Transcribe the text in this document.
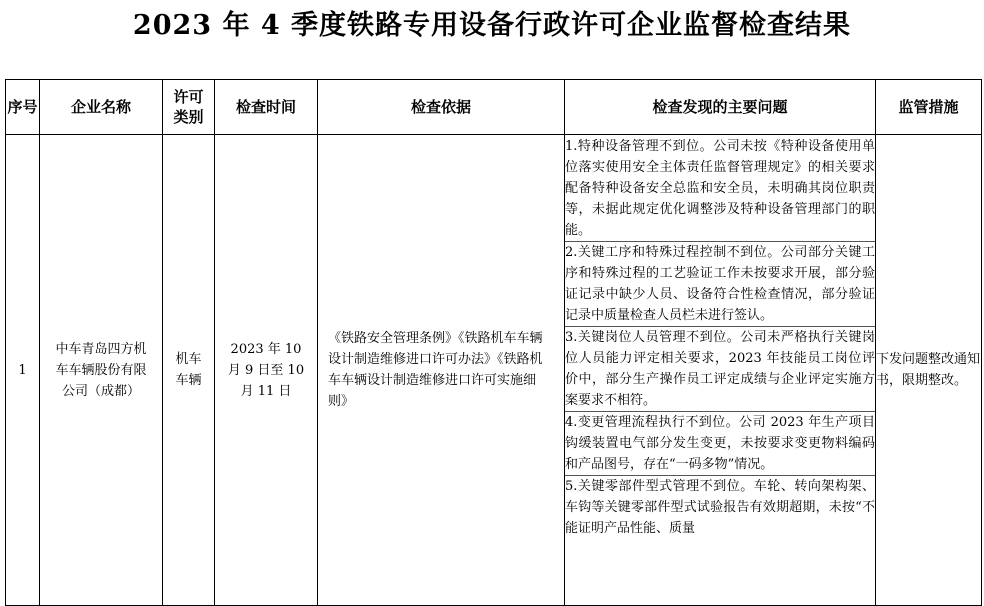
2023 年 4 季度铁路专用设备行政许可企业监督检查结果
序号	企业名称	许可类别	检查时间	检查依据	检查发现的主要问题	监管措施
1	中车青岛四方机车车辆股份有限公司（成都）	机车车辆	2023 年 10 月 9 日至 10 月 11 日	《铁路安全管理条例》《铁路机车车辆设计制造维修进口许可办法》《铁路机车车辆设计制造维修进口许可实施细则》	1.特种设备管理不到位。公司未按《特种设备使用单位落实使用安全主体责任监督管理规定》的相关要求配备特种设备安全总监和安全员，未明确其岗位职责等，未据此规定优化调整涉及特种设备管理部门的职能。
2.关键工序和特殊过程控制不到位。公司部分关键工序和特殊过程的工艺验证工作未按要求开展，部分验证记录中缺少人员、设备符合性检查情况，部分验证记录中质量检查人员栏未进行签认。
3.关键岗位人员管理不到位。公司未严格执行关键岗位人员能力评定相关要求，2023 年技能员工岗位评价中，部分生产操作员工评定成绩与企业评定实施方案要求不相符。
4.变更管理流程执行不到位。公司 2023 年生产项目钩缓装置电气部分发生变更，未按要求变更物料编码和产品图号，存在“一码多物”情况。
5.关键零部件型式管理不到位。车轮、转向架构架、车钩等关键零部件型式试验报告有效期超期，未按“不能证明产品性能、质量	下发问题整改通知书，限期整改。
